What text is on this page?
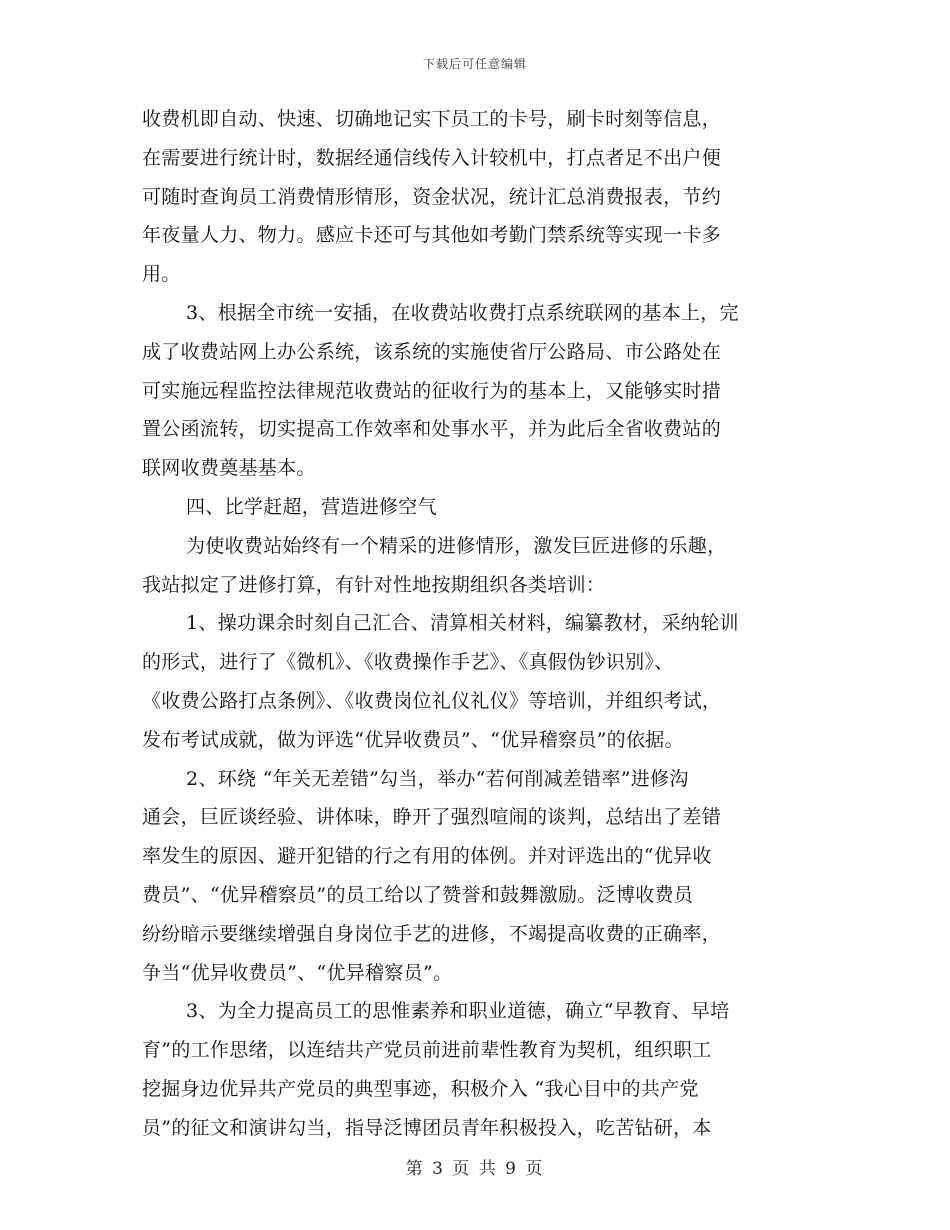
下载后可任意编辑
收费机即自动、快速、切确地记实下员工的卡号，刷卡时刻等信息，
在需要进行统计时，数据经通信线传入计较机中，打点者足不出户便
可随时查询员工消费情形情形，资金状况，统计汇总消费报表，节约
年夜量人力、物力。感应卡还可与其他如考勤门禁系统等实现一卡多
用。
3、根据全市统一安插，在收费站收费打点系统联网的基本上，完
成了收费站网上办公系统，该系统的实施使省厅公路局、市公路处在
可实施远程监控法律规范收费站的征收行为的基本上，又能够实时措
置公函流转，切实提高工作效率和处事水平，并为此后全省收费站的
联网收费奠基基本。
四、比学赶超，营造进修空气
为使收费站始终有一个精采的进修情形，激发巨匠进修的乐趣，
我站拟定了进修打算，有针对性地按期组织各类培训：
1、操功课余时刻自己汇合、清算相关材料，编纂教材，采纳轮训
的形式，进行了《微机》、《收费操作手艺》、《真假伪钞识别》、
《收费公路打点条例》、《收费岗位礼仪礼仪》等培训，并组织考试，
发布考试成就，做为评选“优异收费员”、“优异稽察员”的依据。
2、环绕 “年关无差错”勾当，举办“若何削减差错率”进修沟
通会，巨匠谈经验、讲体味，睁开了强烈喧闹的谈判，总结出了差错
率发生的原因、避开犯错的行之有用的体例。并对评选出的“优异收
费员”、“优异稽察员”的员工给以了赞誉和鼓舞激励。泛博收费员
纷纷暗示要继续增强自身岗位手艺的进修，不竭提高收费的正确率，
争当“优异收费员”、“优异稽察员”。
3、为全力提高员工的思惟素养和职业道德，确立“早教育、早培
育”的工作思绪，以连结共产党员前进前辈性教育为契机，组织职工
挖掘身边优异共产党员的典型事迹，积极介入 “我心目中的共产党
员”的征文和演讲勾当，指导泛博团员青年积极投入，吃苦钻研，本
第 3 页 共 9 页
